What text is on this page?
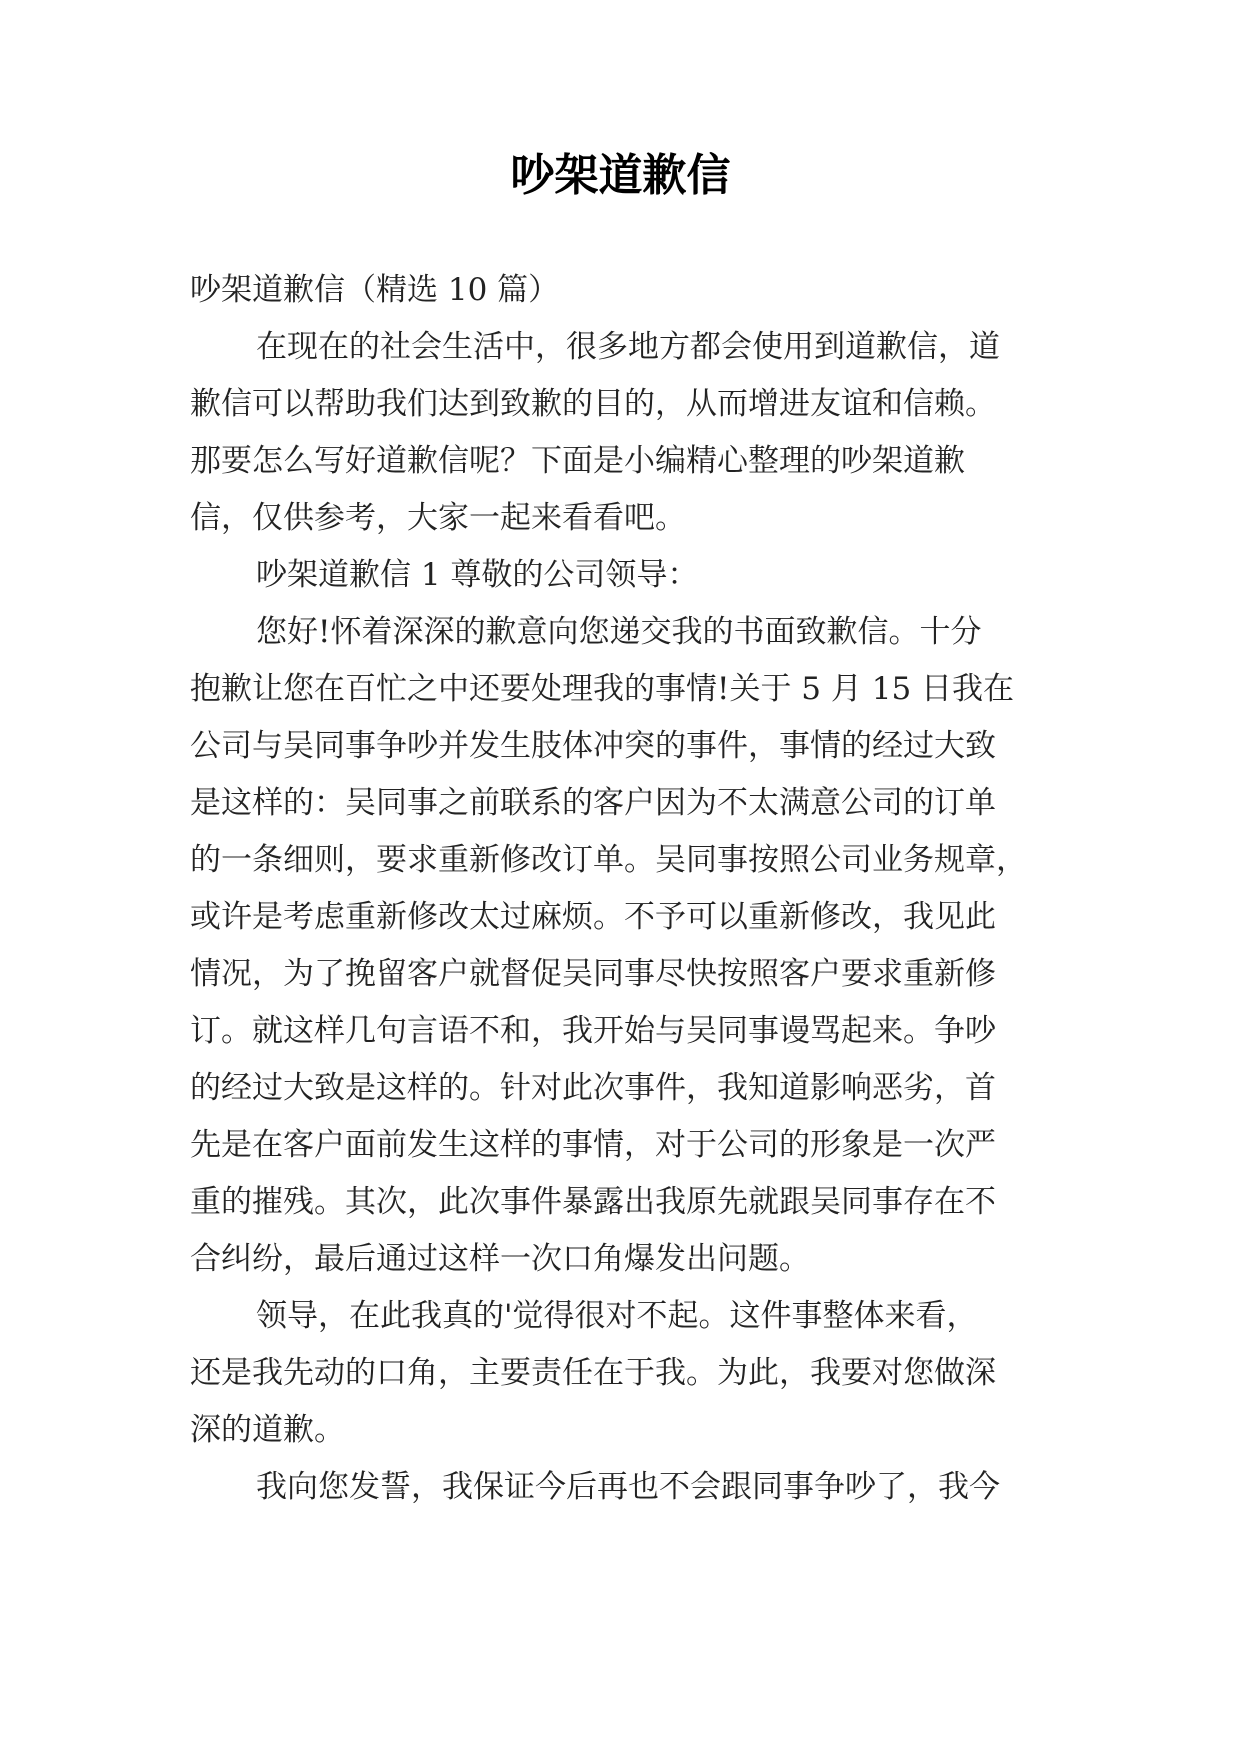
吵架道歉信
吵架道歉信（精选 10 篇）
在现在的社会生活中，很多地方都会使用到道歉信，道
歉信可以帮助我们达到致歉的目的，从而增进友谊和信赖。
那要怎么写好道歉信呢？下面是小编精心整理的吵架道歉
信，仅供参考，大家一起来看看吧。
吵架道歉信 1 尊敬的公司领导：
您好!怀着深深的歉意向您递交我的书面致歉信。十分
抱歉让您在百忙之中还要处理我的事情!关于 5 月 15 日我在
公司与吴同事争吵并发生肢体冲突的事件，事情的经过大致
是这样的：吴同事之前联系的客户因为不太满意公司的订单
的一条细则，要求重新修改订单。吴同事按照公司业务规章，
或许是考虑重新修改太过麻烦。不予可以重新修改，我见此
情况，为了挽留客户就督促吴同事尽快按照客户要求重新修
订。就这样几句言语不和，我开始与吴同事谩骂起来。争吵
的经过大致是这样的。针对此次事件，我知道影响恶劣，首
先是在客户面前发生这样的事情，对于公司的形象是一次严
重的摧残。其次，此次事件暴露出我原先就跟吴同事存在不
合纠纷，最后通过这样一次口角爆发出问题。
领导，在此我真的'觉得很对不起。这件事整体来看，
还是我先动的口角，主要责任在于我。为此，我要对您做深
深的道歉。
我向您发誓，我保证今后再也不会跟同事争吵了，我今
